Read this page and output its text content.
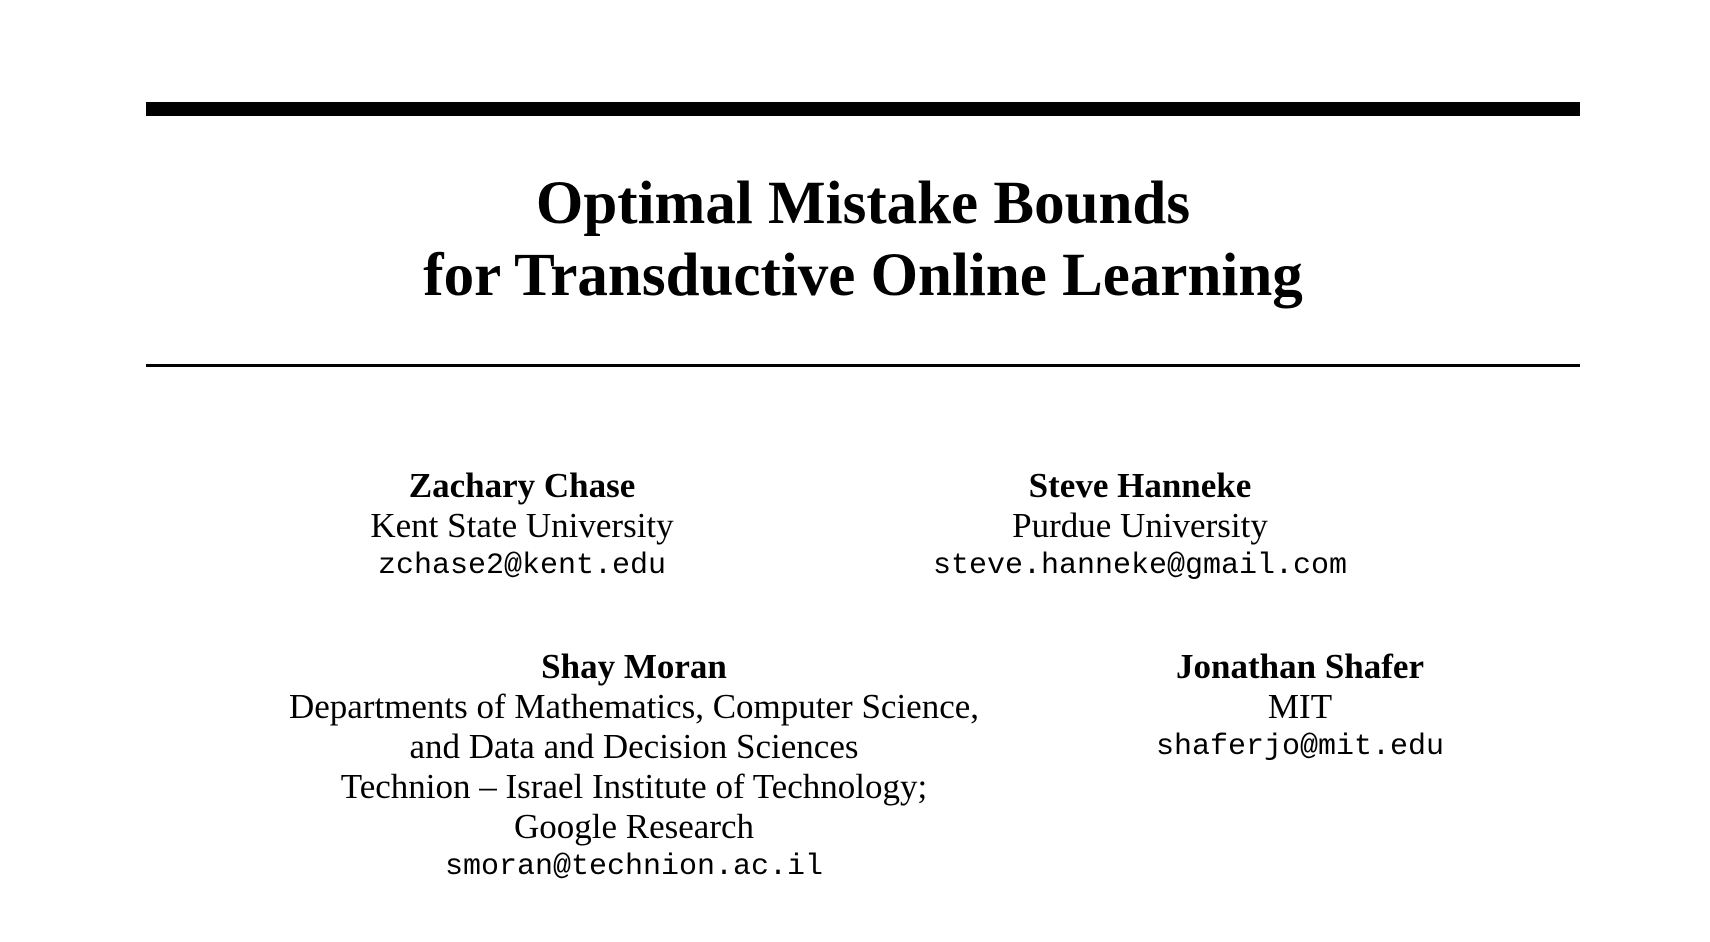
Optimal Mistake Bounds
for Transductive Online Learning
Zachary Chase
Kent State University
zchase2@kent.edu
Steve Hanneke
Purdue University
steve.hanneke@gmail.com
Shay Moran
Departments of Mathematics, Computer Science,
and Data and Decision Sciences
Technion – Israel Institute of Technology;
Google Research
smoran@technion.ac.il
Jonathan Shafer
MIT
shaferjo@mit.edu
